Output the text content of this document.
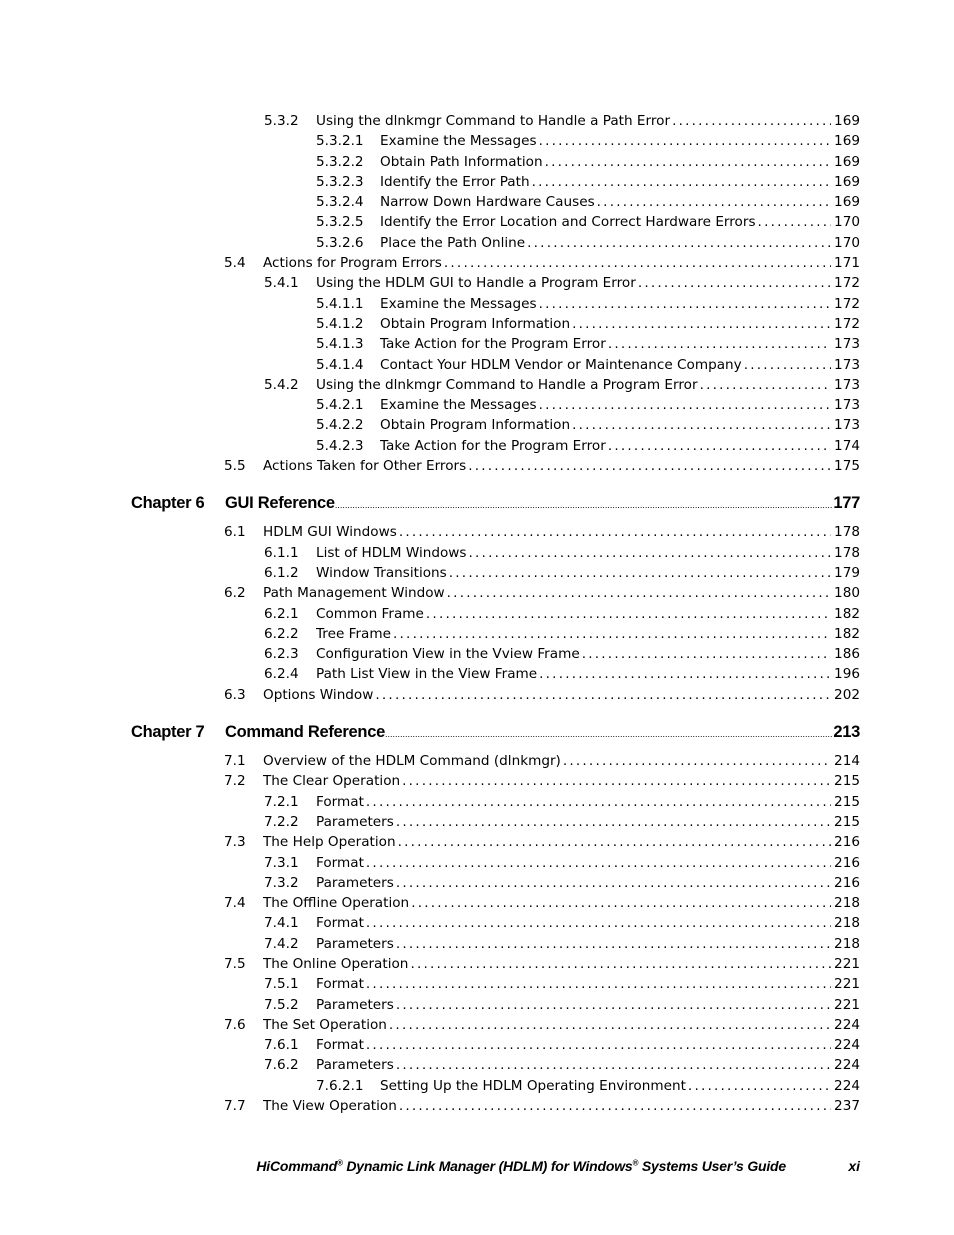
5.3.2 Using the dlnkmgr Command to Handle a Path Error .....	169
5.3.2.1 Examine the Messages .....	169
5.3.2.2 Obtain Path Information .....	169
5.3.2.3 Identify the Error Path .....	169
5.3.2.4 Narrow Down Hardware Causes .....	169
5.3.2.5 Identify the Error Location and Correct Hardware Errors .....	170
5.3.2.6 Place the Path Online .....	170
5.4 Actions for Program Errors .....	171
5.4.1 Using the HDLM GUI to Handle a Program Error .....	172
5.4.1.1 Examine the Messages .....	172
5.4.1.2 Obtain Program Information .....	172
5.4.1.3 Take Action for the Program Error .....	173
5.4.1.4 Contact Your HDLM Vendor or Maintenance Company .....	173
5.4.2 Using the dlnkmgr Command to Handle a Program Error .....	173
5.4.2.1 Examine the Messages .....	173
5.4.2.2 Obtain Program Information .....	173
5.4.2.3 Take Action for the Program Error .....	174
5.5 Actions Taken for Other Errors .....	175
Chapter 6 GUI Reference .....	177
6.1 HDLM GUI Windows .....	178
6.1.1 List of HDLM Windows .....	178
6.1.2 Window Transitions .....	179
6.2 Path Management Window .....	180
6.2.1 Common Frame .....	182
6.2.2 Tree Frame .....	182
6.2.3 Configuration View in the Vview Frame .....	186
6.2.4 Path List View in the View Frame .....	196
6.3 Options Window .....	202
Chapter 7 Command Reference .....	213
7.1 Overview of the HDLM Command (dlnkmgr) .....	214
7.2 The Clear Operation .....	215
7.2.1 Format .....	215
7.2.2 Parameters .....	215
7.3 The Help Operation .....	216
7.3.1 Format .....	216
7.3.2 Parameters .....	216
7.4 The Offline Operation .....	218
7.4.1 Format .....	218
7.4.2 Parameters .....	218
7.5 The Online Operation .....	221
7.5.1 Format .....	221
7.5.2 Parameters .....	221
7.6 The Set Operation .....	224
7.6.1 Format .....	224
7.6.2 Parameters .....	224
7.6.2.1 Setting Up the HDLM Operating Environment .....	224
7.7 The View Operation .....	237
HiCommand® Dynamic Link Manager (HDLM) for Windows® Systems User’s Guide	xi
